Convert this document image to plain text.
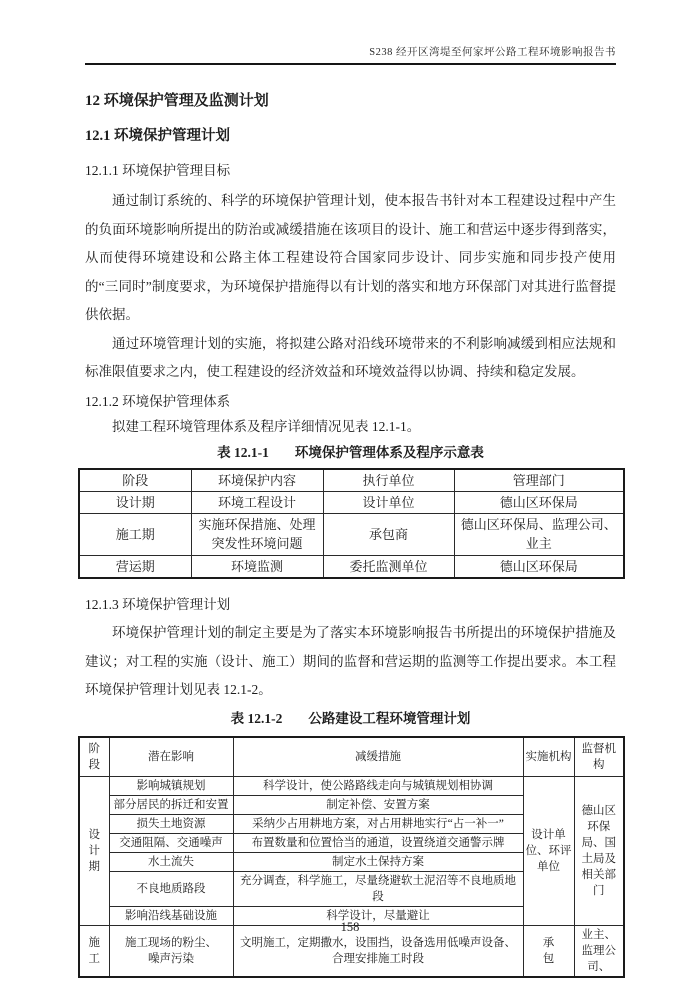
S238 经开区湾堤至何家坪公路工程环境影响报告书
12 环境保护管理及监测计划
12.1 环境保护管理计划
12.1.1 环境保护管理目标
通过制订系统的、科学的环境保护管理计划，使本报告书针对本工程建设过程中产生的负面环境影响所提出的防治或减缓措施在该项目的设计、施工和营运中逐步得到落实，从而使得环境建设和公路主体工程建设符合国家同步设计、同步实施和同步投产使用的“三同时”制度要求，为环境保护措施得以有计划的落实和地方环保部门对其进行监督提供依据。
通过环境管理计划的实施，将拟建公路对沿线环境带来的不利影响减缓到相应法规和标准限值要求之内，使工程建设的经济效益和环境效益得以协调、持续和稳定发展。
12.1.2 环境保护管理体系
拟建工程环境管理体系及程序详细情况见表 12.1-1。
表 12.1-1 环境保护管理体系及程序示意表
阶段	环境保护内容	执行单位	管理部门
设计期	环境工程设计	设计单位	德山区环保局
施工期	实施环保措施、处理突发性环境问题	承包商	德山区环保局、监理公司、业主
营运期	环境监测	委托监测单位	德山区环保局
12.1.3 环境保护管理计划
环境保护管理计划的制定主要是为了落实本环境影响报告书所提出的环境保护措施及建议；对工程的实施（设计、施工）期间的监督和营运期的监测等工作提出要求。本工程环境保护管理计划见表 12.1-2。
表 12.1-2 公路建设工程环境管理计划
阶段	潜在影响	减缓措施	实施机构	监督机构
设计期	影响城镇规划	科学设计，使公路路线走向与城镇规划相协调	设计单位、环评单位	德山区环保局、国土局及相关部门
	部分居民的拆迁和安置	制定补偿、安置方案		
	损失土地资源	采纳少占用耕地方案，对占用耕地实行“占一补一”		
	交通阻隔、交通噪声	布置数量和位置恰当的通道，设置绕道交通警示牌		
	水土流失	制定水土保持方案		
	不良地质路段	充分调查，科学施工，尽量绕避软土泥沼等不良地质地段		
	影响沿线基础设施	科学设计，尽量避让		
施工	施工现场的粉尘、噪声污染	文明施工，定期撒水，设围挡，设备选用低噪声设备、合理安排施工时段	承包	业主、监理公司、
158
